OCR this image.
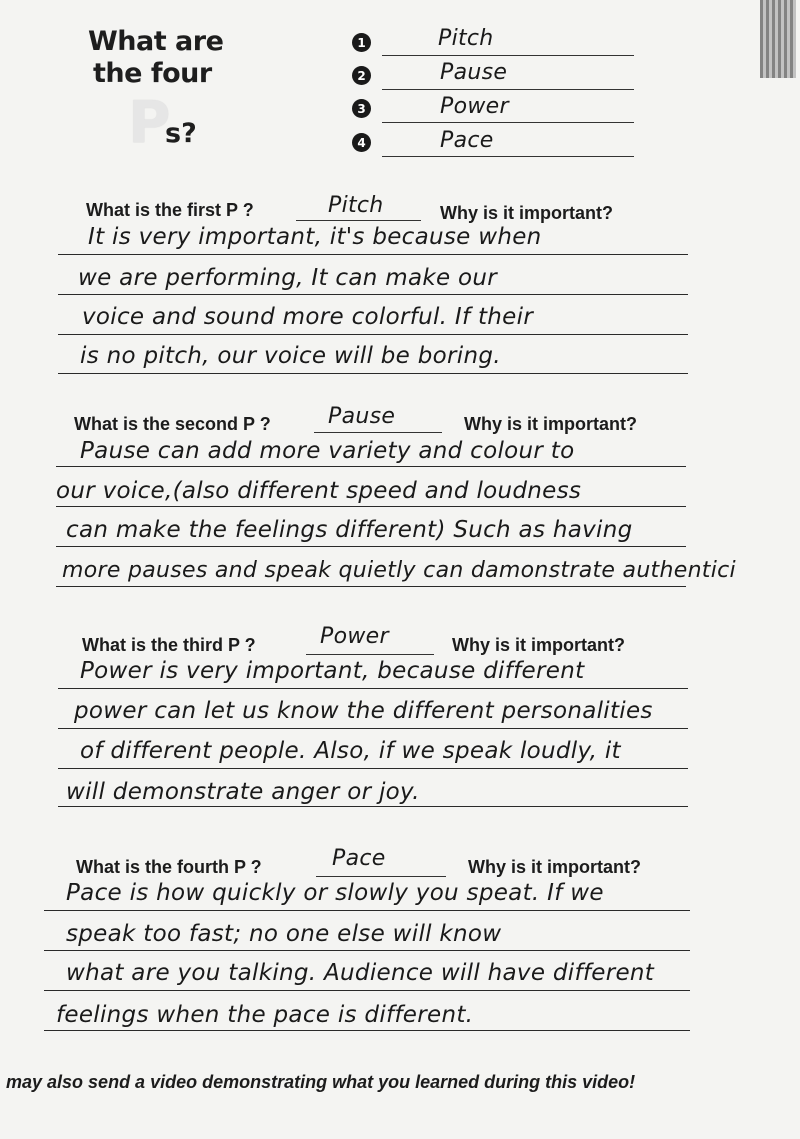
What are
the four
P
s?
1	Pitch
2	Pause
3	Power
4	Pace
What is the first P ?	Pitch	Why is it important?
It is very important, it's because when
we are performing, It can make our
voice and sound more colorful. If their
is no pitch, our voice will be boring.
What is the second P ?	Pause	Why is it important?
Pause can add more variety and colour to
our voice,(also different speed and loudness
can make the feelings different) Such as having
more pauses and speak quietly can damonstrate authentici
What is the third P ?	Power	Why is it important?
Power is very important, because different
power can let us know the different personalities
of different people. Also, if we speak loudly, it
will demonstrate anger or joy.
What is the fourth P ?	Pace	Why is it important?
Pace is how quickly or slowly you speat. If we
speak too fast; no one else will know
what are you talking. Audience will have different
feelings when the pace is different.
may also send a video demonstrating what you learned during this video!
